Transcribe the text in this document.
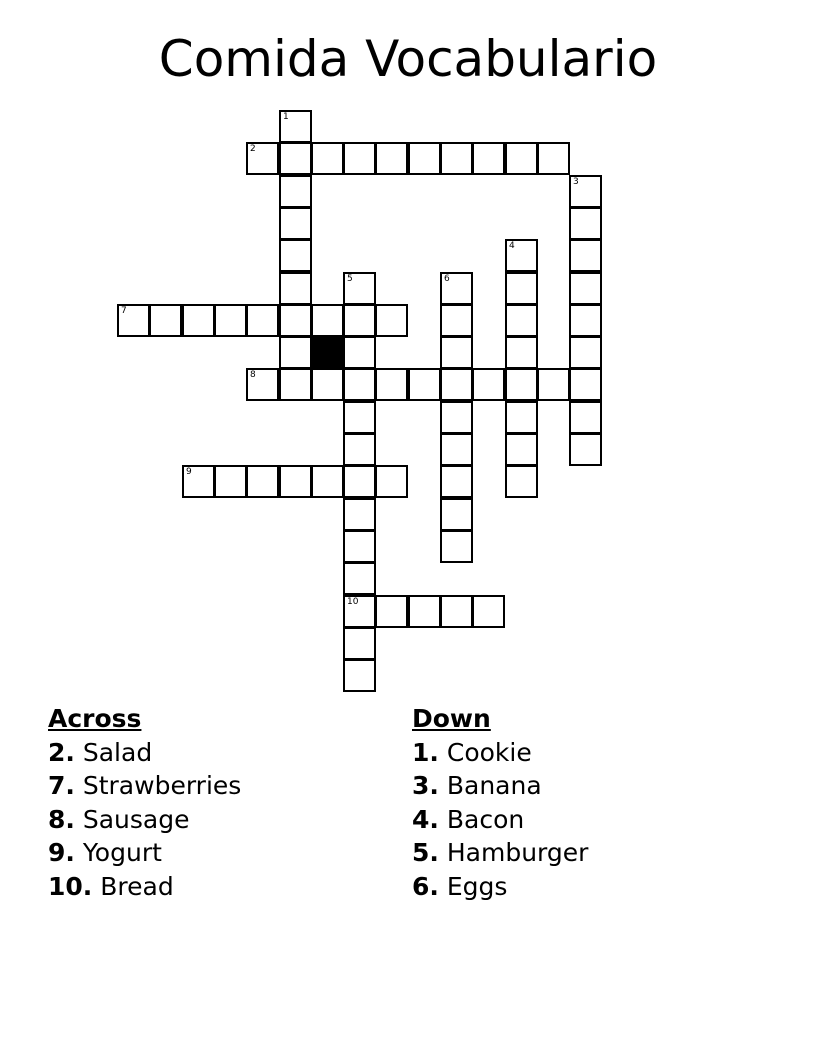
Comida Vocabulario
1
2
3
4
5
10
6
7
8
9
Across
2. Salad
7. Strawberries
8. Sausage
9. Yogurt
10. Bread
Down
1. Cookie
3. Banana
4. Bacon
5. Hamburger
6. Eggs
